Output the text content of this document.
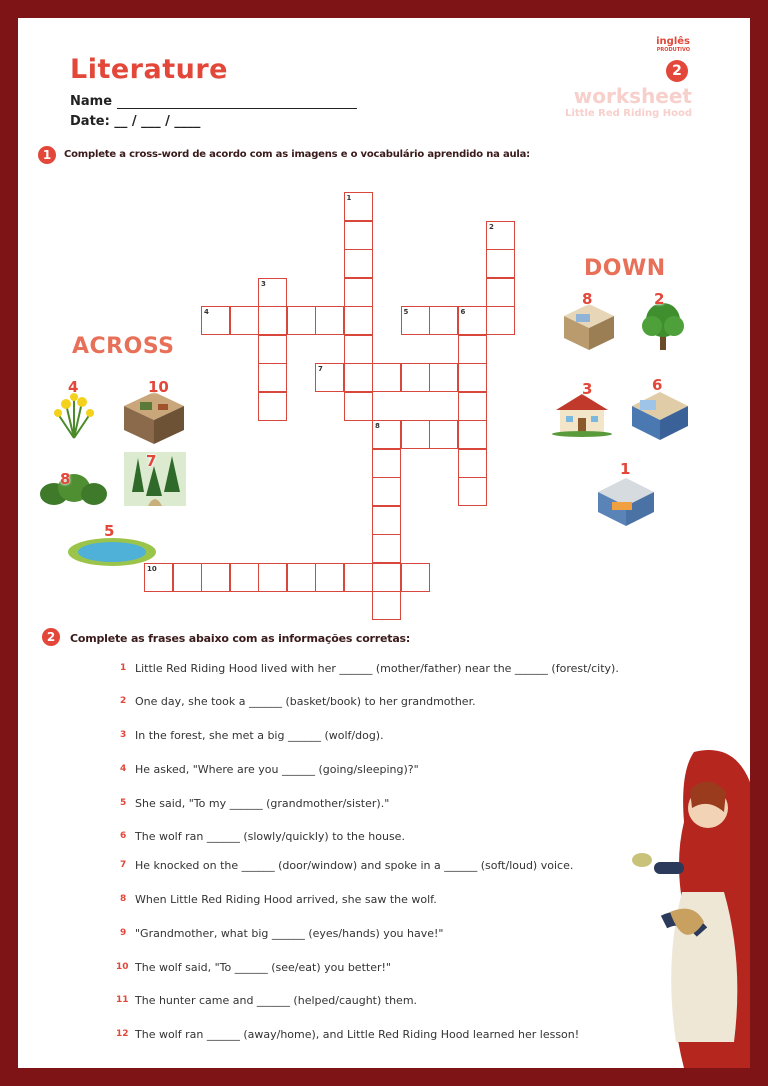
Literature
Name
Date: __ / ___ / ____
inglês
PRODUTIVO
2
worksheet
Little Red Riding Hood
1	Complete a cross-word de acordo com as imagens e o vocabulário aprendido na aula:
ACROSS
DOWN
1
2
3
4	5	6
7
8
10
4	10
8
7
5
8	2
3	6
1
2	Complete as frases abaixo com as informações corretas:
1 Little Red Riding Hood lived with her ______ (mother/father) near the ______ (forest/city).
2 One day, she took a ______ (basket/book) to her grandmother.
3 In the forest, she met a big ______ (wolf/dog).
4 He asked, "Where are you ______ (going/sleeping)?"
5 She said, "To my ______ (grandmother/sister)."
6 The wolf ran ______ (slowly/quickly) to the house.
7 He knocked on the ______ (door/window) and spoke in a ______ (soft/loud) voice.
8 When Little Red Riding Hood arrived, she saw the wolf.
9 "Grandmother, what big ______ (eyes/hands) you have!"
10 The wolf said, "To ______ (see/eat) you better!"
11 The hunter came and ______ (helped/caught) them.
12 The wolf ran ______ (away/home), and Little Red Riding Hood learned her lesson!
